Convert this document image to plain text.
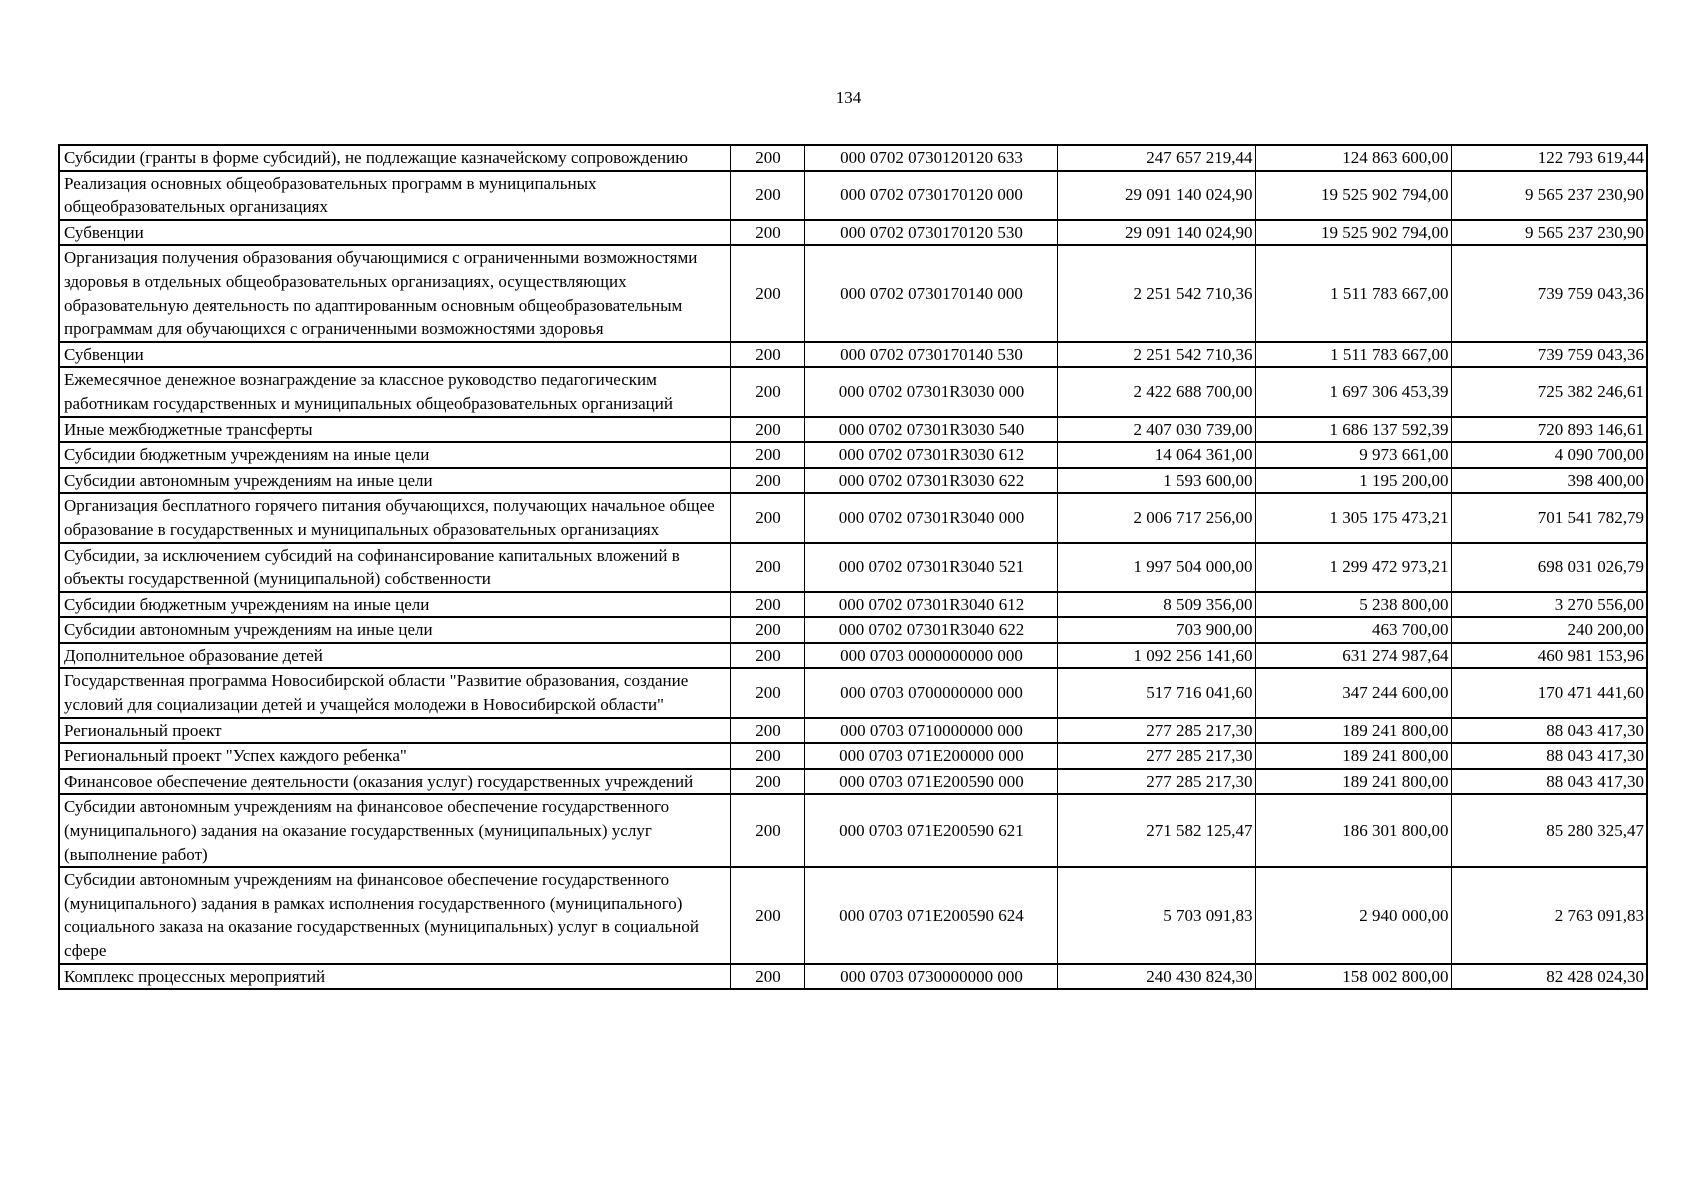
134
Субсидии (гранты в форме субсидий), не подлежащие казначейскому сопровождению	200	000 0702 0730120120 633	247 657 219,44	124 863 600,00	122 793 619,44
Реализация основных общеобразовательных программ в муниципальных общеобразовательных организациях	200	000 0702 0730170120 000	29 091 140 024,90	19 525 902 794,00	9 565 237 230,90
Субвенции	200	000 0702 0730170120 530	29 091 140 024,90	19 525 902 794,00	9 565 237 230,90
Организация получения образования обучающимися с ограниченными возможностями здоровья в отдельных общеобразовательных организациях, осуществляющих образовательную деятельность по адаптированным основным общеобразовательным программам для обучающихся с ограниченными возможностями здоровья	200	000 0702 0730170140 000	2 251 542 710,36	1 511 783 667,00	739 759 043,36
Субвенции	200	000 0702 0730170140 530	2 251 542 710,36	1 511 783 667,00	739 759 043,36
Ежемесячное денежное вознаграждение за классное руководство педагогическим работникам государственных и муниципальных общеобразовательных организаций	200	000 0702 07301R3030 000	2 422 688 700,00	1 697 306 453,39	725 382 246,61
Иные межбюджетные трансферты	200	000 0702 07301R3030 540	2 407 030 739,00	1 686 137 592,39	720 893 146,61
Субсидии бюджетным учреждениям на иные цели	200	000 0702 07301R3030 612	14 064 361,00	9 973 661,00	4 090 700,00
Субсидии автономным учреждениям на иные цели	200	000 0702 07301R3030 622	1 593 600,00	1 195 200,00	398 400,00
Организация бесплатного горячего питания обучающихся, получающих начальное общее образование в государственных и муниципальных образовательных организациях	200	000 0702 07301R3040 000	2 006 717 256,00	1 305 175 473,21	701 541 782,79
Субсидии, за исключением субсидий на софинансирование капитальных вложений в объекты государственной (муниципальной) собственности	200	000 0702 07301R3040 521	1 997 504 000,00	1 299 472 973,21	698 031 026,79
Субсидии бюджетным учреждениям на иные цели	200	000 0702 07301R3040 612	8 509 356,00	5 238 800,00	3 270 556,00
Субсидии автономным учреждениям на иные цели	200	000 0702 07301R3040 622	703 900,00	463 700,00	240 200,00
Дополнительное образование детей	200	000 0703 0000000000 000	1 092 256 141,60	631 274 987,64	460 981 153,96
Государственная программа Новосибирской области "Развитие образования, создание условий для социализации детей и учащейся молодежи в Новосибирской области"	200	000 0703 0700000000 000	517 716 041,60	347 244 600,00	170 471 441,60
Региональный проект	200	000 0703 0710000000 000	277 285 217,30	189 241 800,00	88 043 417,30
Региональный проект "Успех каждого ребенка"	200	000 0703 071E200000 000	277 285 217,30	189 241 800,00	88 043 417,30
Финансовое обеспечение деятельности (оказания услуг) государственных учреждений	200	000 0703 071E200590 000	277 285 217,30	189 241 800,00	88 043 417,30
Субсидии автономным учреждениям на финансовое обеспечение государственного (муниципального) задания на оказание государственных (муниципальных) услуг (выполнение работ)	200	000 0703 071E200590 621	271 582 125,47	186 301 800,00	85 280 325,47
Субсидии автономным учреждениям на финансовое обеспечение государственного (муниципального) задания в рамках исполнения государственного (муниципального) социального заказа на оказание государственных (муниципальных) услуг в социальной сфере	200	000 0703 071E200590 624	5 703 091,83	2 940 000,00	2 763 091,83
Комплекс процессных мероприятий	200	000 0703 0730000000 000	240 430 824,30	158 002 800,00	82 428 024,30
